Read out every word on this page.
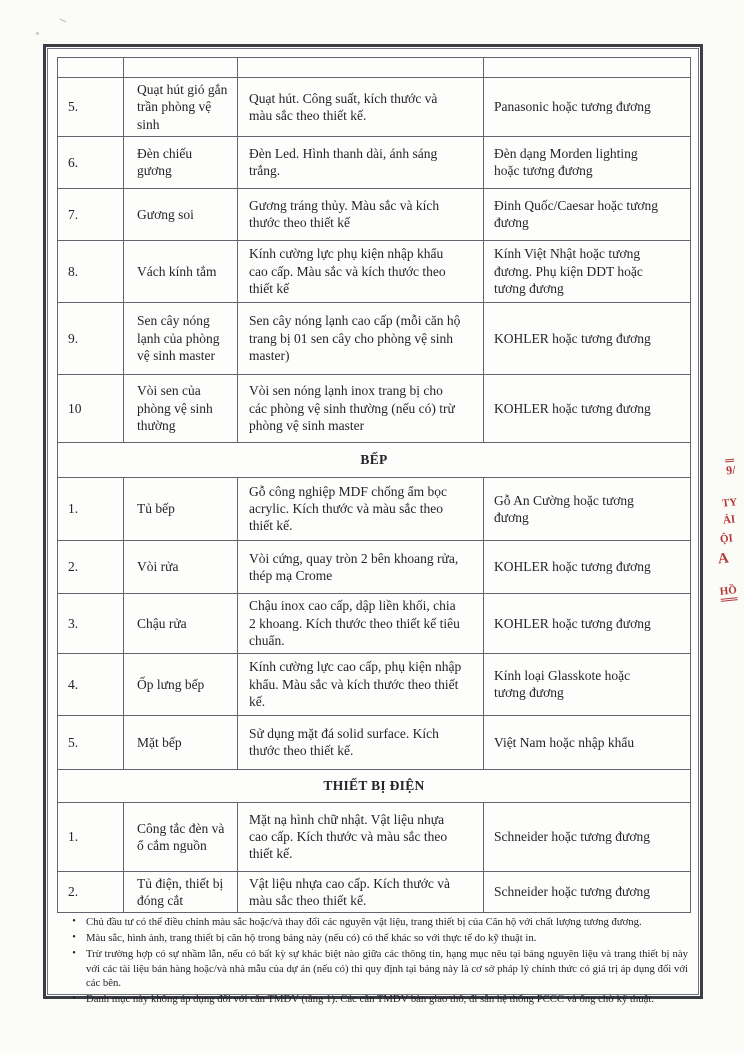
5.	Quạt hút gió gắn trần phòng vệ sinh	Quạt hút. Công suất, kích thước và màu sắc theo thiết kế.	Panasonic hoặc tương đương
6.	Đèn chiếu gương	Đèn Led. Hình thanh dài, ánh sáng trắng.	Đèn dạng Morden lighting hoặc tương đương
7.	Gương soi	Gương tráng thủy. Màu sắc và kích thước theo thiết kế	Đinh Quốc/Caesar hoặc tương đương
8.	Vách kính tắm	Kính cường lực phụ kiện nhập khẩu cao cấp. Màu sắc và kích thước theo thiết kế	Kính Việt Nhật hoặc tương đương. Phụ kiện DDT hoặc tương đương
9.	Sen cây nóng lạnh của phòng vệ sinh master	Sen cây nóng lạnh cao cấp (mỗi căn hộ trang bị 01 sen cây cho phòng vệ sinh master)	KOHLER hoặc tương đương
10	Vòi sen của phòng vệ sinh thường	Vòi sen nóng lạnh inox trang bị cho các phòng vệ sinh thường (nếu có) trừ phòng vệ sinh master	KOHLER hoặc tương đương
BẾP			
1.	Tủ bếp	Gỗ công nghiệp MDF chống ẩm bọc acrylic. Kích thước và màu sắc theo thiết kế.	Gỗ An Cường hoặc tương đương
2.	Vòi rửa	Vòi cứng, quay tròn 2 bên khoang rửa, thép mạ Crome	KOHLER hoặc tương đương
3.	Chậu rửa	Chậu inox cao cấp, dập liền khối, chia 2 khoang. Kích thước theo thiết kế tiêu chuẩn.	KOHLER hoặc tương đương
4.	Ốp lưng bếp	Kính cường lực cao cấp, phụ kiện nhập khẩu. Màu sắc và kích thước theo thiết kế.	Kính loại Glasskote hoặc tương đương
5.	Mặt bếp	Sử dụng mặt đá solid surface. Kích thước theo thiết kế.	Việt Nam hoặc nhập khẩu
THIẾT BỊ ĐIỆN			
1.	Công tắc đèn và ổ cắm nguồn	Mặt nạ hình chữ nhật. Vật liệu nhựa cao cấp. Kích thước và màu sắc theo thiết kế.	Schneider hoặc tương đương
2.	Tủ điện, thiết bị đóng cắt	Vật liệu nhựa cao cấp. Kích thước và màu sắc theo thiết kế.	Schneider hoặc tương đương
• Chủ đầu tư có thể điều chỉnh màu sắc hoặc/và thay đổi các nguyên vật liệu, trang thiết bị của Căn hộ với chất lượng tương đương.
• Màu sắc, hình ảnh, trang thiết bị căn hộ trong bảng này (nếu có) có thể khác so với thực tế do kỹ thuật in.
• Trừ trường hợp có sự nhầm lẫn, nếu có bất kỳ sự khác biệt nào giữa các thông tin, hạng mục nêu tại bảng nguyên liệu và trang thiết bị này với các tài liệu bán hàng hoặc/và nhà mẫu của dự án (nếu có) thì quy định tại bảng này là cơ sở pháp lý chính thức có giá trị áp dụng đối với các bên.
• Danh mục này không áp dụng đối với căn TMDV (tầng 1). Các căn TMDV bàn giao thô, đi sẵn hệ thống PCCC và ống chờ kỹ thuật.
9/
TY
ẢI
ỘI
A
HỒ
